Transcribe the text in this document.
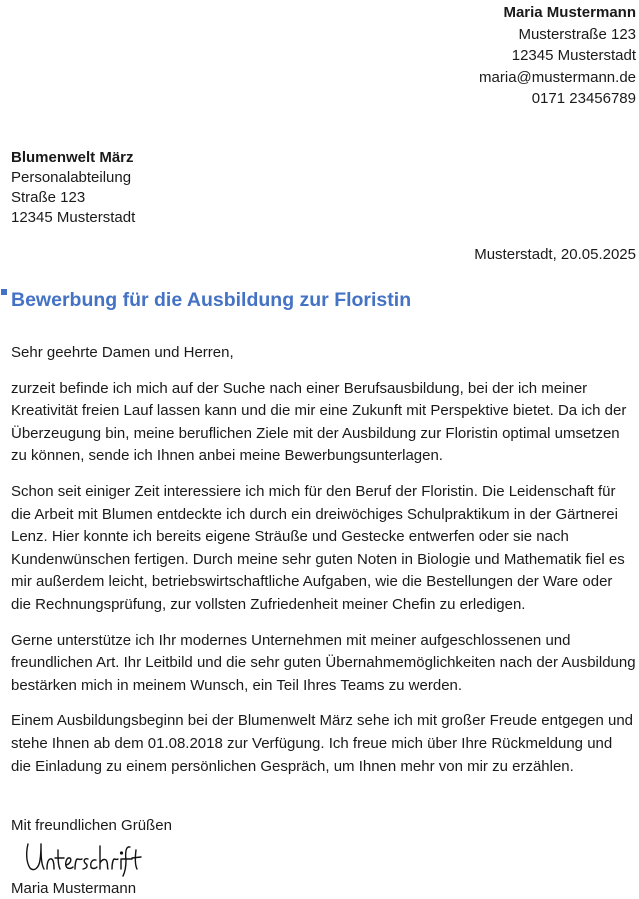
Maria Mustermann
Musterstraße 123
12345 Musterstadt
maria@mustermann.de
0171 23456789
Blumenwelt März
Personalabteilung
Straße 123
12345 Musterstadt
Musterstadt, 20.05.2025
Bewerbung für die Ausbildung zur Floristin

Sehr geehrte Damen und Herren,

zurzeit befinde ich mich auf der Suche nach einer Berufsausbildung, bei der ich meiner Kreativität freien Lauf lassen kann und die mir eine Zukunft mit Perspektive bietet. Da ich der Überzeugung bin, meine beruflichen Ziele mit der Ausbildung zur Floristin optimal umsetzen zu können, sende ich Ihnen anbei meine Bewerbungsunterlagen.

Schon seit einiger Zeit interessiere ich mich für den Beruf der Floristin. Die Leidenschaft für die Arbeit mit Blumen entdeckte ich durch ein dreiwöchiges Schulpraktikum in der Gärtnerei Lenz. Hier konnte ich bereits eigene Sträuße und Gestecke entwerfen oder sie nach Kundenwünschen fertigen. Durch meine sehr guten Noten in Biologie und Mathematik fiel es mir außerdem leicht, betriebswirtschaftliche Aufgaben, wie die Bestellungen der Ware oder die Rechnungsprüfung, zur vollsten Zufriedenheit meiner Chefin zu erledigen.

Gerne unterstütze ich Ihr modernes Unternehmen mit meiner aufgeschlossenen und freundlichen Art. Ihr Leitbild und die sehr guten Übernahmemöglichkeiten nach der Ausbildung bestärken mich in meinem Wunsch, ein Teil Ihres Teams zu werden.

Einem Ausbildungsbeginn bei der Blumenwelt März sehe ich mit großer Freude entgegen und stehe Ihnen ab dem 01.08.2018 zur Verfügung. Ich freue mich über Ihre Rückmeldung und die Einladung zu einem persönlichen Gespräch, um Ihnen mehr von mir zu erzählen.

Mit freundlichen Grüßen
Maria Mustermann
